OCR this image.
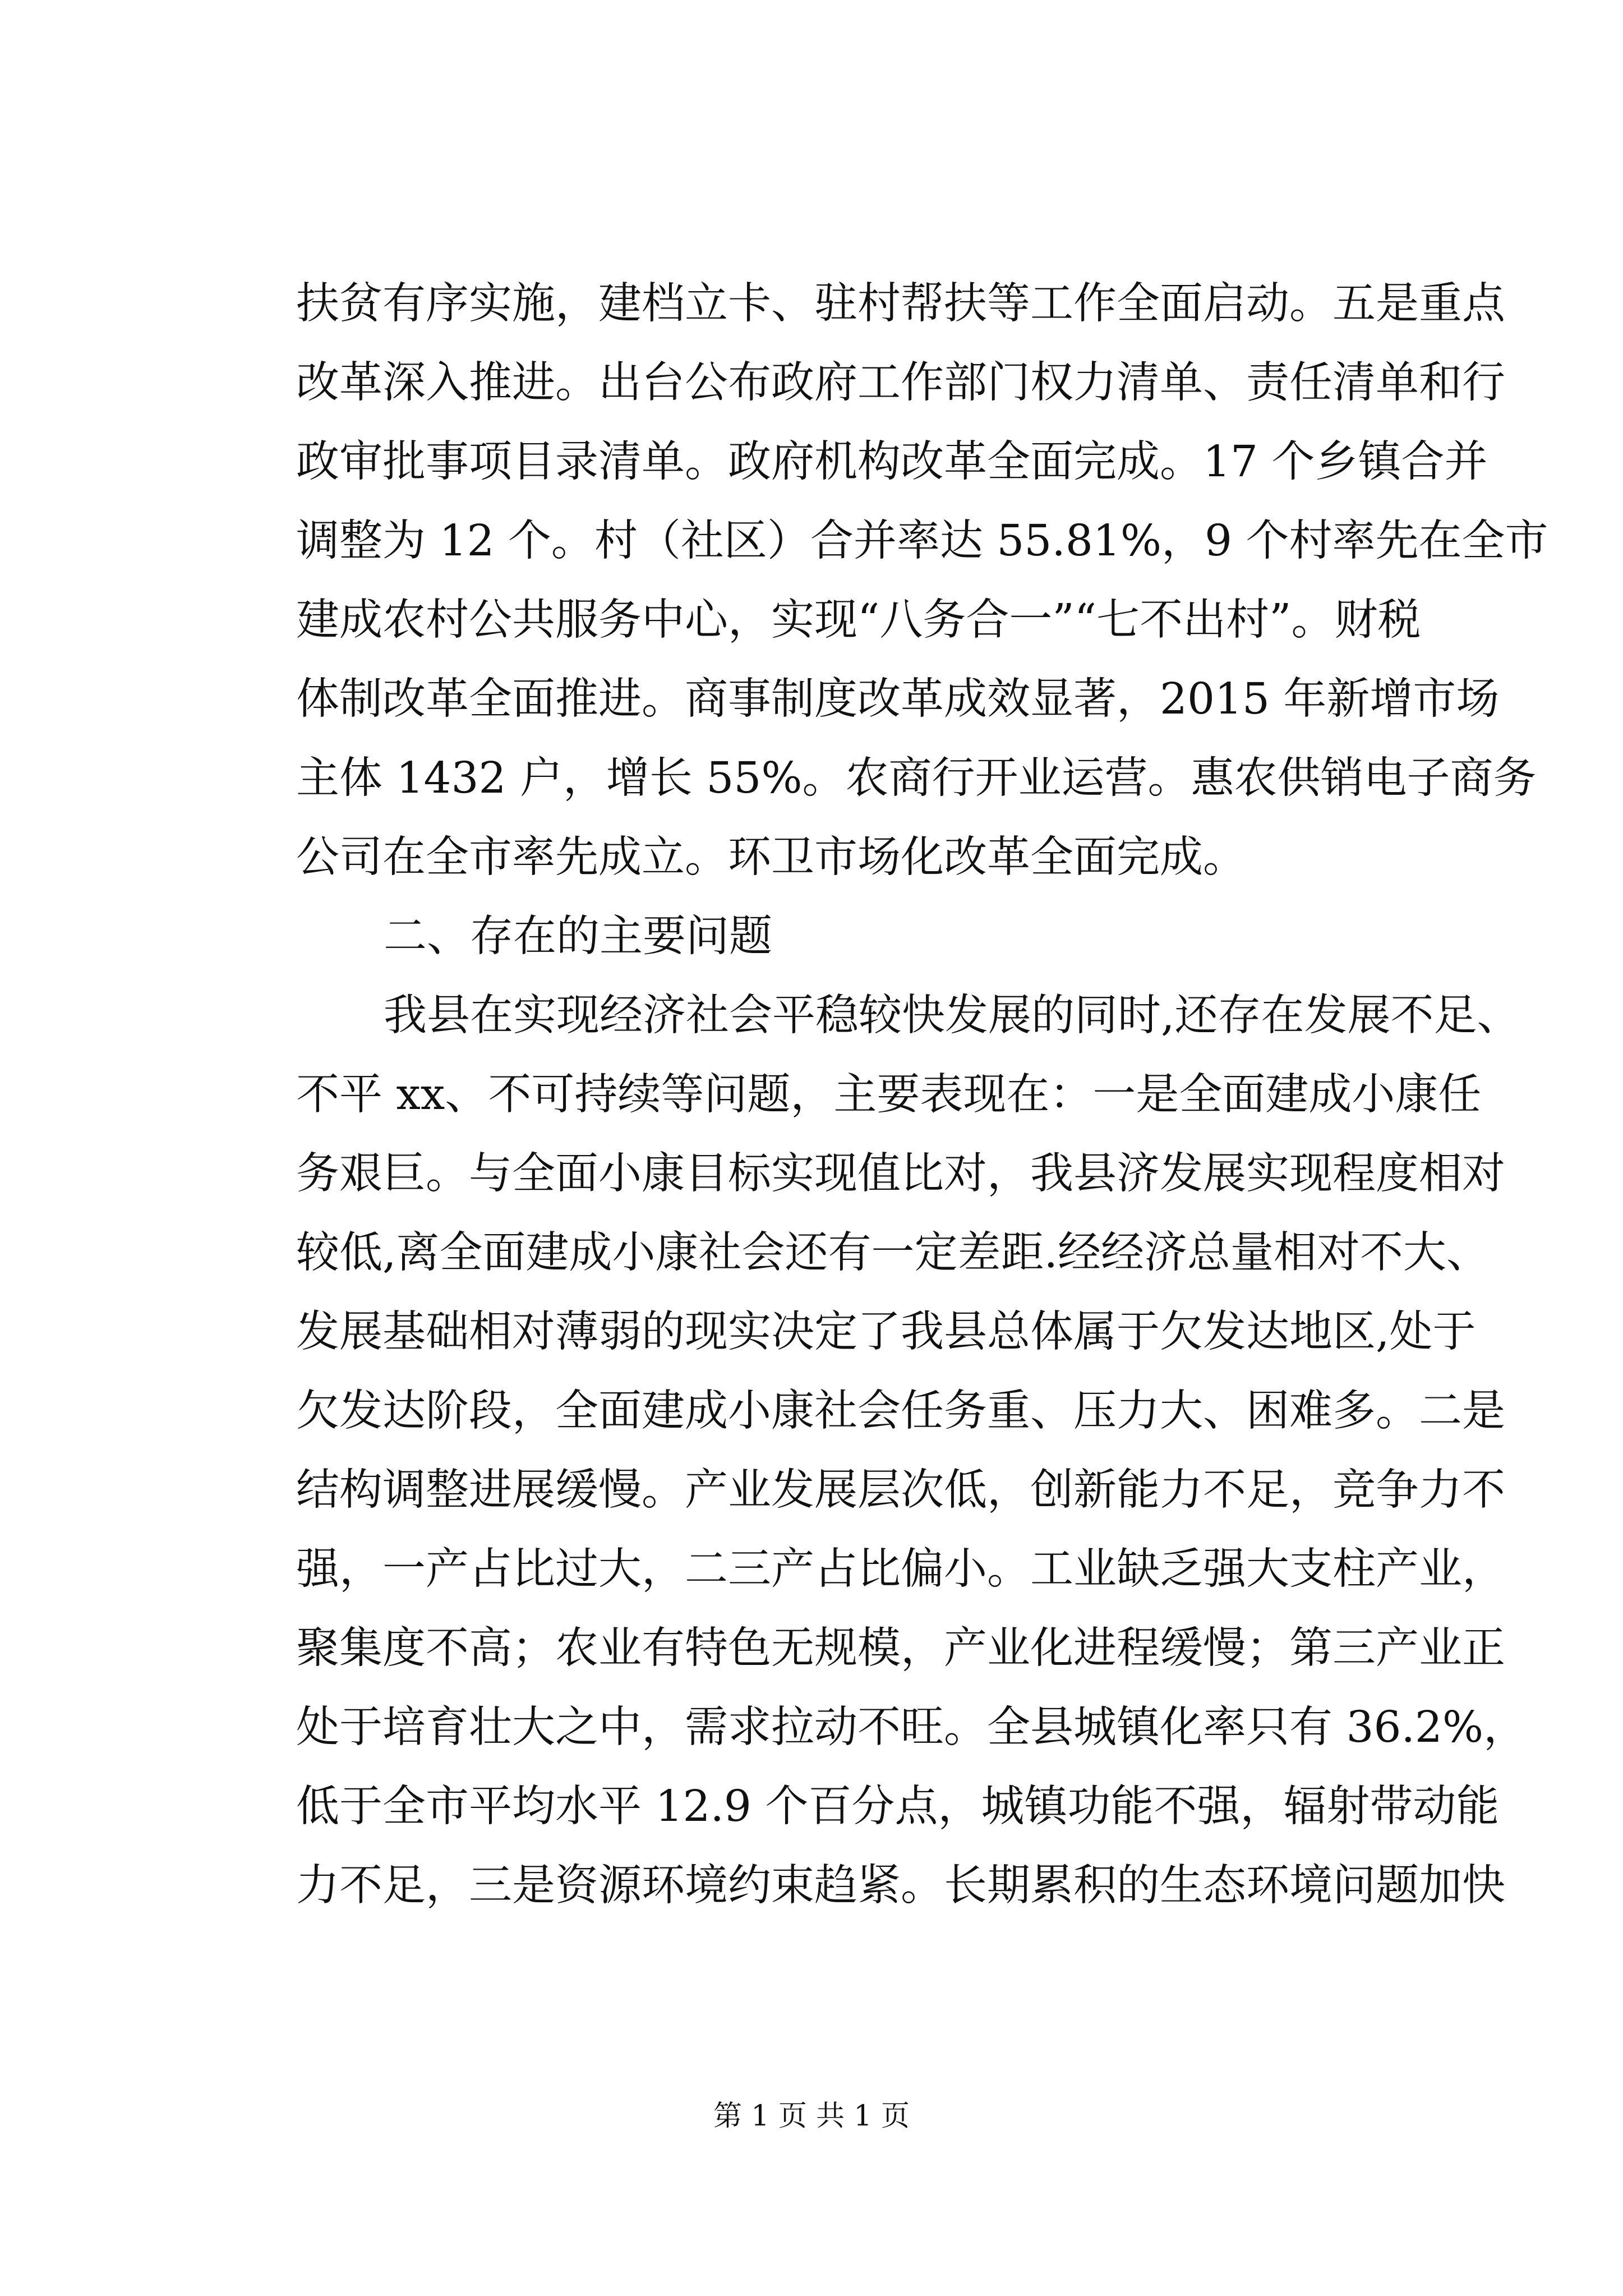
扶贫有序实施，建档立卡、驻村帮扶等工作全面启动。五是重点
改革深入推进。出台公布政府工作部门权力清单、责任清单和行
政审批事项目录清单。政府机构改革全面完成。17 个乡镇合并
调整为 12 个。村（社区）合并率达 55.81%，9 个村率先在全市
建成农村公共服务中心，实现“八务合一”“七不出村”。财税
体制改革全面推进。商事制度改革成效显著，2015 年新增市场
主体 1432 户，增长 55%。农商行开业运营。惠农供销电子商务
公司在全市率先成立。环卫市场化改革全面完成。
二、存在的主要问题
我县在实现经济社会平稳较快发展的同时,还存在发展不足、
不平 xx、不可持续等问题，主要表现在：一是全面建成小康任
务艰巨。与全面小康目标实现值比对，我县济发展实现程度相对
较低,离全面建成小康社会还有一定差距.经经济总量相对不大、
发展基础相对薄弱的现实决定了我县总体属于欠发达地区,处于
欠发达阶段，全面建成小康社会任务重、压力大、困难多。二是
结构调整进展缓慢。产业发展层次低，创新能力不足，竞争力不
强，一产占比过大，二三产占比偏小。工业缺乏强大支柱产业，
聚集度不高；农业有特色无规模，产业化进程缓慢；第三产业正
处于培育壮大之中，需求拉动不旺。全县城镇化率只有 36.2%，
低于全市平均水平 12.9 个百分点，城镇功能不强，辐射带动能
力不足，三是资源环境约束趋紧。长期累积的生态环境问题加快
第 1 页 共 1 页
